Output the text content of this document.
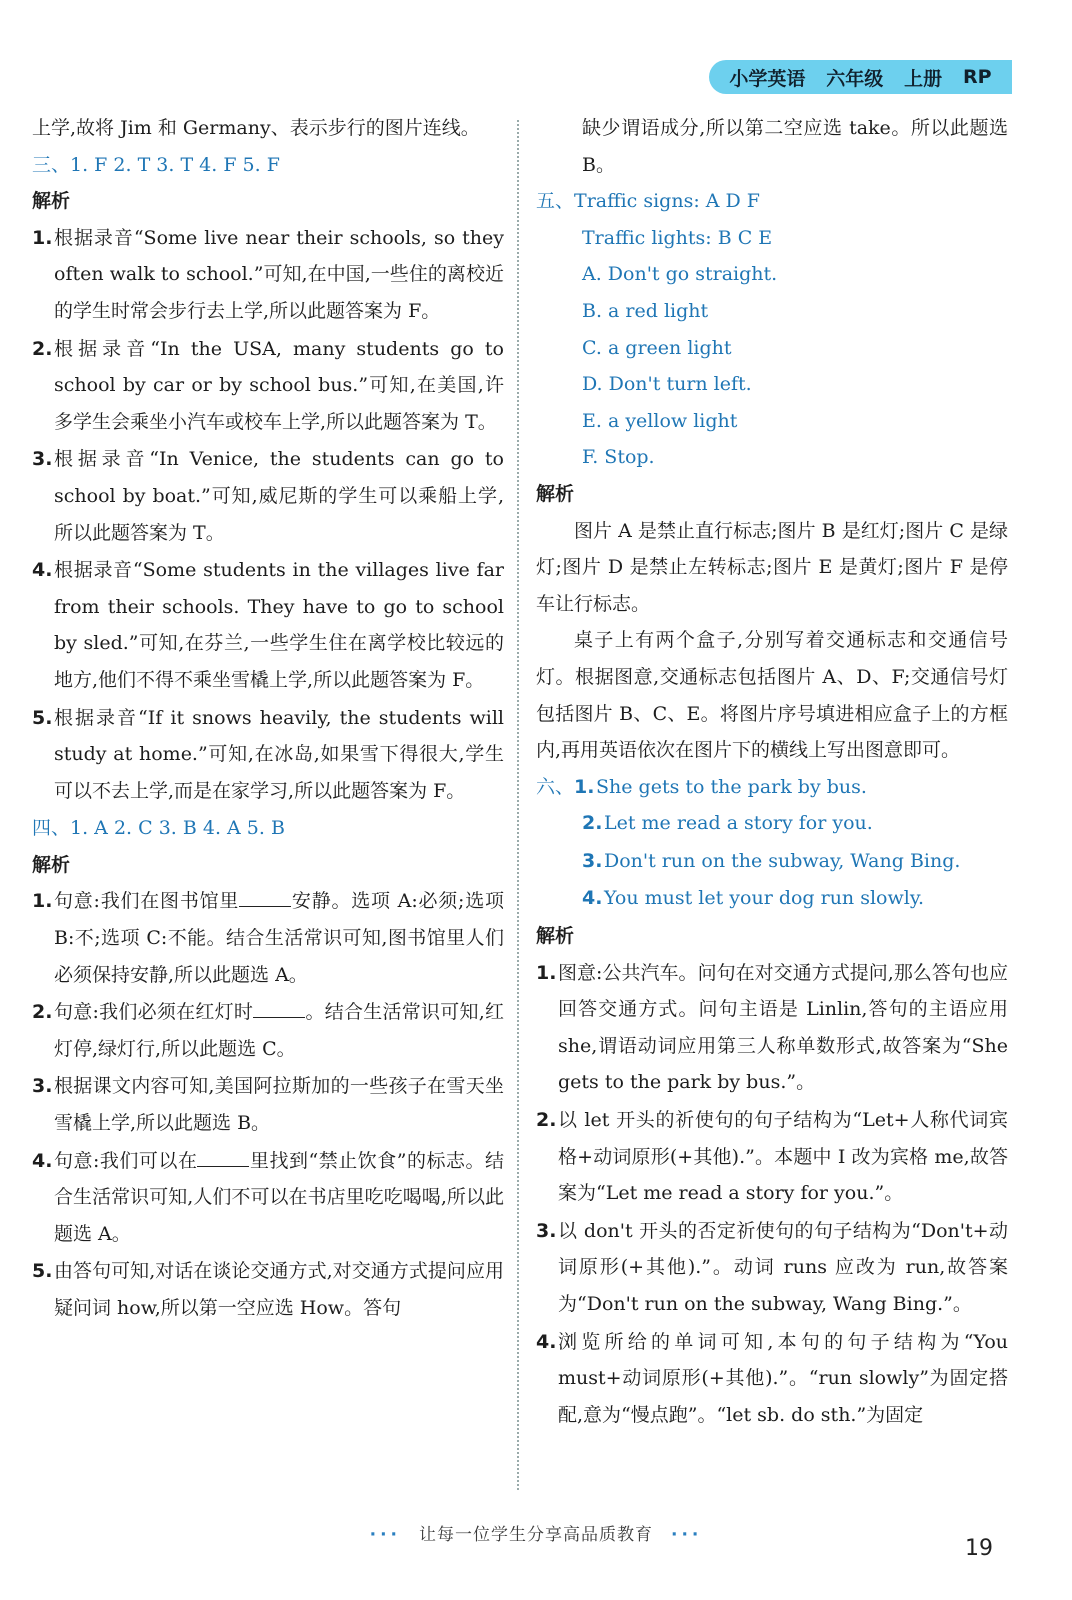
小学英语 六年级 上册 RP

上学,故将 Jim 和 Germany、表示步行的图片连线。

三、 1. F 2. T 3. T 4. F 5. F

解析

1. 根据录音“Some live near their schools, so they often walk to school.”可知,在中国,一些住的离校近的学生时常会步行去上学,所以此题答案为 F。
2. 根据录音“In the USA, many students go to school by car or by school bus.”可知,在美国,许多学生会乘坐小汽车或校车上学,所以此题答案为 T。
3. 根据录音“In Venice, the students can go to school by boat.”可知,威尼斯的学生可以乘船上学,所以此题答案为 T。
4. 根据录音“Some students in the villages live far from their schools. They have to go to school by sled.”可知,在芬兰,一些学生住在离学校比较远的地方,他们不得不乘坐雪橇上学,所以此题答案为 F。
5. 根据录音“If it snows heavily, the students will study at home.”可知,在冰岛,如果雪下得很大,学生可以不去上学,而是在家学习,所以此题答案为 F。
四、 1. A 2. C 3. B 4. A 5. B

解析

1. 句意:我们在图书馆里	安静。选项 A:必须;选项 B:不;选项 C:不能。结合生活常识可知,图书馆里人们必须保持安静,所以此题选 A。
2. 句意:我们必须在红灯时	。结合生活常识可知,红灯停,绿灯行,所以此题选 C。
3. 根据课文内容可知,美国阿拉斯加的一些孩子在雪天坐雪橇上学,所以此题选 B。
4. 句意:我们可以在	里找到“禁止饮食”的标志。结合生活常识可知,人们不可以在书店里吃吃喝喝,所以此题选 A。
5. 由答句可知,对话在谈论交通方式,对交通方式提问应用疑问词 how,所以第一空应选 How。答句

缺少谓语成分,所以第二空应选 take。所以此题选 B。

五、 Traffic signs: A D F

Traffic lights: B C E

A. Don't go straight.

B. a red light

C. a green light

D. Don't turn left.

E. a yellow light

F. Stop.

解析

图片 A 是禁止直行标志;图片 B 是红灯;图片 C 是绿灯;图片 D 是禁止左转标志;图片 E 是黄灯;图片 F 是停车让行标志。

桌子上有两个盒子,分别写着交通标志和交通信号灯。根据图意,交通标志包括图片 A、D、F;交通信号灯包括图片 B、C、E。将图片序号填进相应盒子上的方框内,再用英语依次在图片下的横线上写出图意即可。

六、 1. She gets to the park by bus.
2. Let me read a story for you.
3. Don't run on the subway, Wang Bing.
4. You must let your dog run slowly.

解析

1. 图意:公共汽车。问句在对交通方式提问,那么答句也应回答交通方式。问句主语是 Linlin,答句的主语应用 she,谓语动词应用第三人称单数形式,故答案为“She gets to the park by bus.”。
2. 以 let 开头的祈使句的句子结构为“Let+人称代词宾格+动词原形(+其他).”。本题中 I 改为宾格 me,故答案为“Let me read a story for you.”。
3. 以 don't 开头的否定祈使句的句子结构为“Don't+动词原形(+其他).”。动词 runs 应改为 run,故答案为“Don't run on the subway, Wang Bing.”。
4. 浏览所给的单词可知,本句的句子结构为“You must+动词原形(+其他).”。“run slowly”为固定搭配,意为“慢点跑”。“let sb. do sth.”为固定
··· 让每一位学生分享高品质教育 ···
19
